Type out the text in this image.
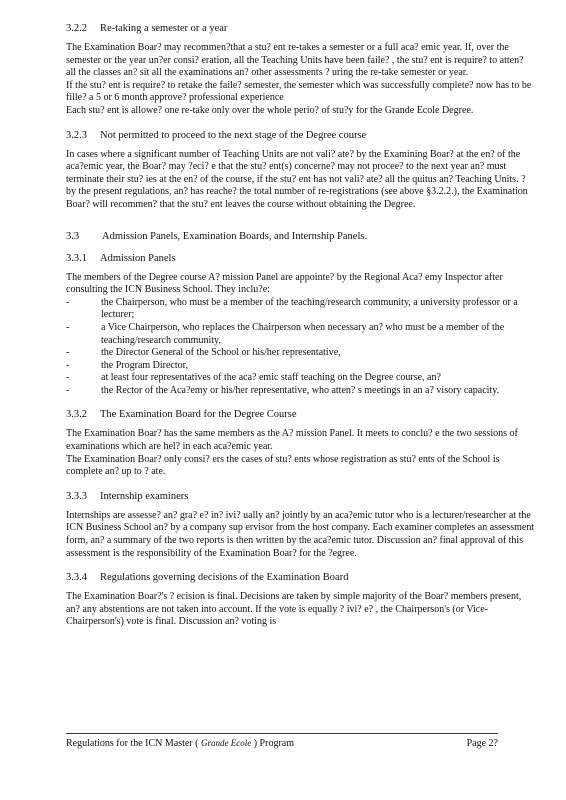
3.2.2 Re-taking a semester or a year

The Examination Boar? may recommen?that a stu? ent re-takes a semester or a full aca? emic year. If, over the semester or the year un?er consi? eration, all the Teaching Units have been faile? , the stu? ent is require? to atten? all the classes an? sit all the examinations an? other assessments ? uring the re-take semester or year.

If the stu? ent is require? to retake the faile? semester, the semester which was successfully complete? now has to be fille? a 5 or 6 month approve? professional experience

Each stu? ent is allowe? one re-take only over the whole perio? of stu?y for the Grande Ecole Degree.

3.2.3 Not permitted to proceed to the next stage of the Degree course

In cases where a significant number of Teaching Units are not vali? ate? by the Examining Boar? at the en? of the aca?emic year, the Boar? may ?eci? e that the stu? ent(s) concerne? may not procee? to the next year an? must terminate their stu? ies at the en? of the course, if the stu? ent has not vali? ate? all the quitus an? Teaching Units. ? by the present regulations, an? has reache? the total number of re-registrations (see above §3.2.2.), the Examination Boar? will recommen? that the stu? ent leaves the course without obtaining the Degree.

3.3 Admission Panels, Examination Boards, and Internship Panels.
3.3.1 Admission Panels

The members of the Degree course A? mission Panel are appointe? by the Regional Aca? emy Inspector after consulting the ICN Business School. They inclu?e:

- the Chairperson, who must be a member of the teaching/research community, a university professor or a lecturer;
- a Vice Chairperson, who replaces the Chairperson when necessary an? who must be a member of the teaching/research community,
- the Director General of the School or his/her representative,
- the Program Director,
- at least four representatives of the aca? emic staff teaching on the Degree course, an?
- the Rector of the Aca?emy or his/her representative, who atten? s meetings in an a? visory capacity.
3.3.2 The Examination Board for the Degree Course

The Examination Boar? has the same members as the A? mission Panel. It meets to conclu? e the two sessions of examinations which are hel? in each aca?emic year.

The Examination Boar? only consi? ers the cases of stu? ents whose registration as stu? ents of the School is complete an? up to ? ate.

3.3.3 Internship examiners

Internships are assesse? an? gra? e? in? ivi? ually an? jointly by an aca?emic tutor who is a lecturer/researcher at the ICN Business School an? by a company sup ervisor from the host company. Each examiner completes an assessment form, an? a summary of the two reports is then written by the aca?emic tutor. Discussion an? final approval of this assessment is the responsibility of the Examination Boar? for the ?egree.

3.3.4 Regulations governing decisions of the Examination Board

The Examination Boar?'s ? ecision is final. Decisions are taken by simple majority of the Boar? members present, an? any abstentions are not taken into account. If the vote is equally ? ivi? e? , the Chairperson's (or Vice-Chairperson's) vote is final. Discussion an? voting is

Regulations for the ICN Master ( Grande Ecole ) Program	Page 2?
